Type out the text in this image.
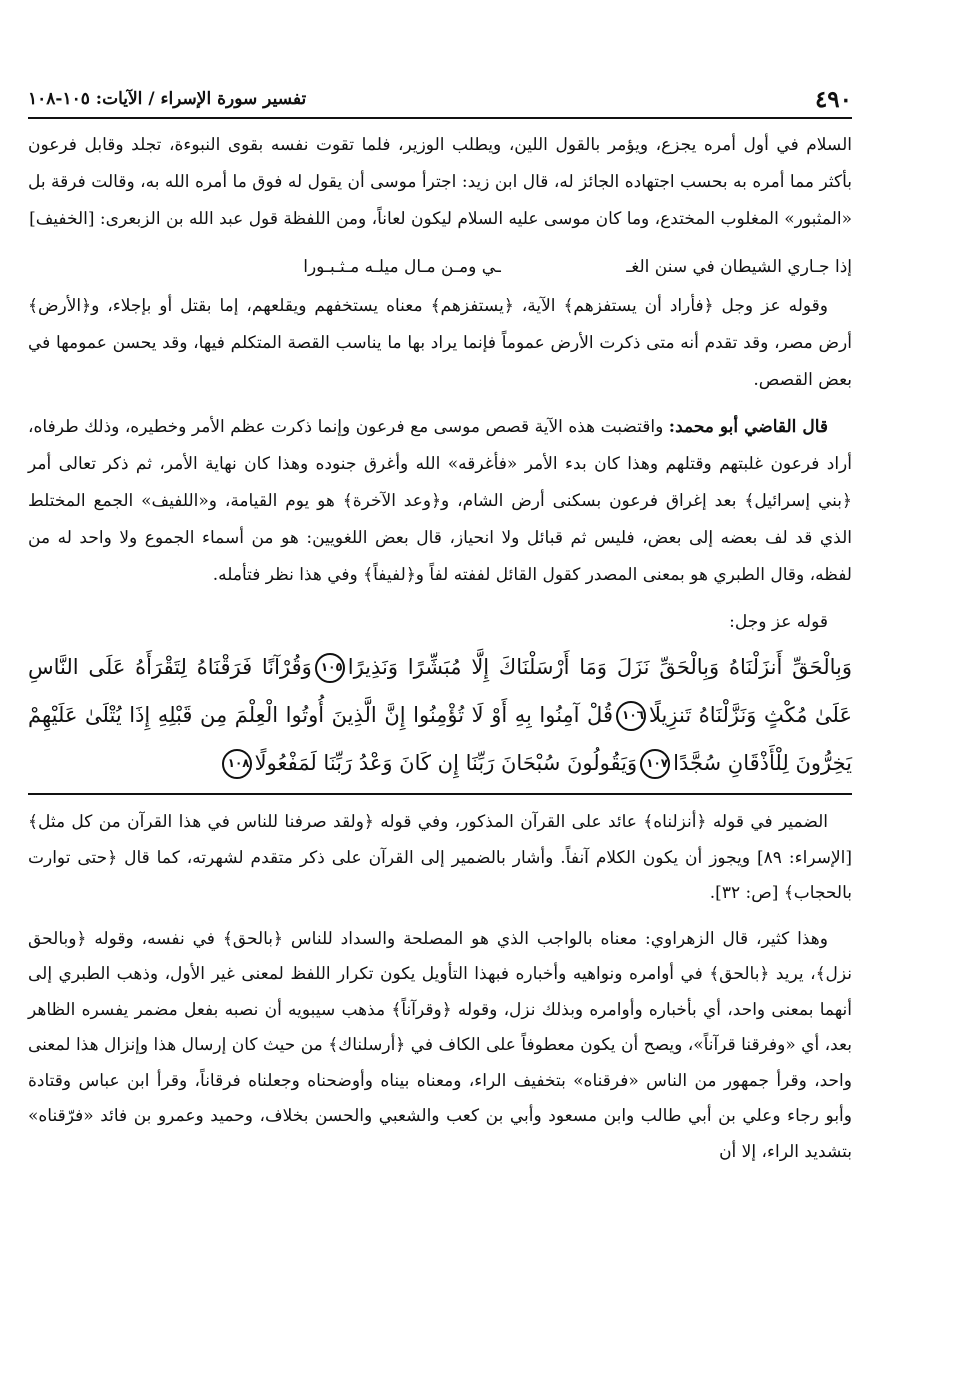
٤٩٠
تفسير سورة الإسراء / الآيات: ١٠٥-١٠٨

السلام في أول أمره يجزع، ويؤمر بالقول اللين، ويطلب الوزير، فلما تقوت نفسه بقوى النبوءة، تجلد وقابل فرعون بأكثر مما أمره به بحسب اجتهاده الجائز له، قال ابن زيد: اجترأ موسى أن يقول له فوق ما أمره الله به، وقالت فرقة بل «المثبور» المغلوب المختدع، وما كان موسى عليه السلام ليكون لعاناً، ومن اللفظة قول عبد الله بن الزبعرى: [الخفيف]

إذا جـاري الشيطان في سنن الغـ ـي ومـن مـال ميلـه مـثـبـورا

وقوله عز وجل ﴿فأراد أن يستفزهم﴾ الآية، ﴿يستفزهم﴾ معناه يستخفهم ويقلعهم، إما بقتل أو بإجلاء، و﴿الأرض﴾ أرض مصر، وقد تقدم أنه متى ذكرت الأرض عموماً فإنما يراد بها ما يناسب القصة المتكلم فيها، وقد يحسن عمومها في بعض القصص.

قال القاضي أبو محمد: واقتضبت هذه الآية قصص موسى مع فرعون وإنما ذكرت عظم الأمر وخطيره، وذلك طرفاه، أراد فرعون غلبتهم وقتلهم وهذا كان بدء الأمر «فأغرقه» الله وأغرق جنوده وهذا كان نهاية الأمر، ثم ذكر تعالى أمر ﴿بني إسرائيل﴾ بعد إغراق فرعون بسكنى أرض الشام، و﴿وعد الآخرة﴾ هو يوم القيامة، و«اللفيف» الجمع المختلط الذي قد لف بعضه إلى بعض، فليس ثم قبائل ولا انحياز، قال بعض اللغويين: هو من أسماء الجموع ولا واحد له من لفظه، وقال الطبري هو بمعنى المصدر كقول القائل لففته لفاً و﴿لفيفاً﴾ وفي هذا نظر فتأمله.

قوله عز وجل:

وَبِالْحَقِّ أَنزَلْنَاهُ وَبِالْحَقِّ نَزَلَ وَمَا أَرْسَلْنَاكَ إِلَّا مُبَشِّرًا وَنَذِيرًا١٠٥وَقُرْآنًا فَرَقْنَاهُ لِتَقْرَأَهُ عَلَى النَّاسِ عَلَىٰ مُكْثٍ وَنَزَّلْنَاهُ تَنزِيلًا١٠٦قُلْ آمِنُوا بِهِ أَوْ لَا تُؤْمِنُوا إِنَّ الَّذِينَ أُوتُوا الْعِلْمَ مِن قَبْلِهِ إِذَا يُتْلَىٰ عَلَيْهِمْ يَخِرُّونَ لِلْأَذْقَانِ سُجَّدًا١٠٧وَيَقُولُونَ سُبْحَانَ رَبِّنَا إِن كَانَ وَعْدُ رَبِّنَا لَمَفْعُولًا١٠٨

الضمير في قوله ﴿أنزلناه﴾ عائد على القرآن المذكور، وفي قوله ﴿ولقد صرفنا للناس في هذا القرآن من كل مثل﴾ [الإسراء: ٨٩] ويجوز أن يكون الكلام آنفاً. وأشار بالضمير إلى القرآن على ذكر متقدم لشهرته، كما قال ﴿حتى توارت بالحجاب﴾ [ص: ٣٢].

وهذا كثير، قال الزهراوي: معناه بالواجب الذي هو المصلحة والسداد للناس ﴿بالحق﴾ في نفسه، وقوله ﴿وبالحق نزل﴾، يريد ﴿بالحق﴾ في أوامره ونواهيه وأخباره فبهذا التأويل يكون تكرار اللفظ لمعنى غير الأول، وذهب الطبري إلى أنهما بمعنى واحد، أي بأخباره وأوامره وبذلك نزل، وقوله ﴿وقرآناً﴾ مذهب سيبويه أن نصبه بفعل مضمر يفسره الظاهر بعد، أي «وفرقنا قرآناً»، ويصح أن يكون معطوفاً على الكاف في ﴿أرسلناك﴾ من حيث كان إرسال هذا وإنزال هذا لمعنى واحد، وقرأ جمهور من الناس «فرقناه» بتخفيف الراء، ومعناه بيناه وأوضحناه وجعلناه فرقاناً، وقرأ ابن عباس وقتادة وأبو رجاء وعلي بن أبي طالب وابن مسعود وأبي بن كعب والشعبي والحسن بخلاف، وحميد وعمرو بن فائد «فرّقناه» بتشديد الراء، إلا أن
